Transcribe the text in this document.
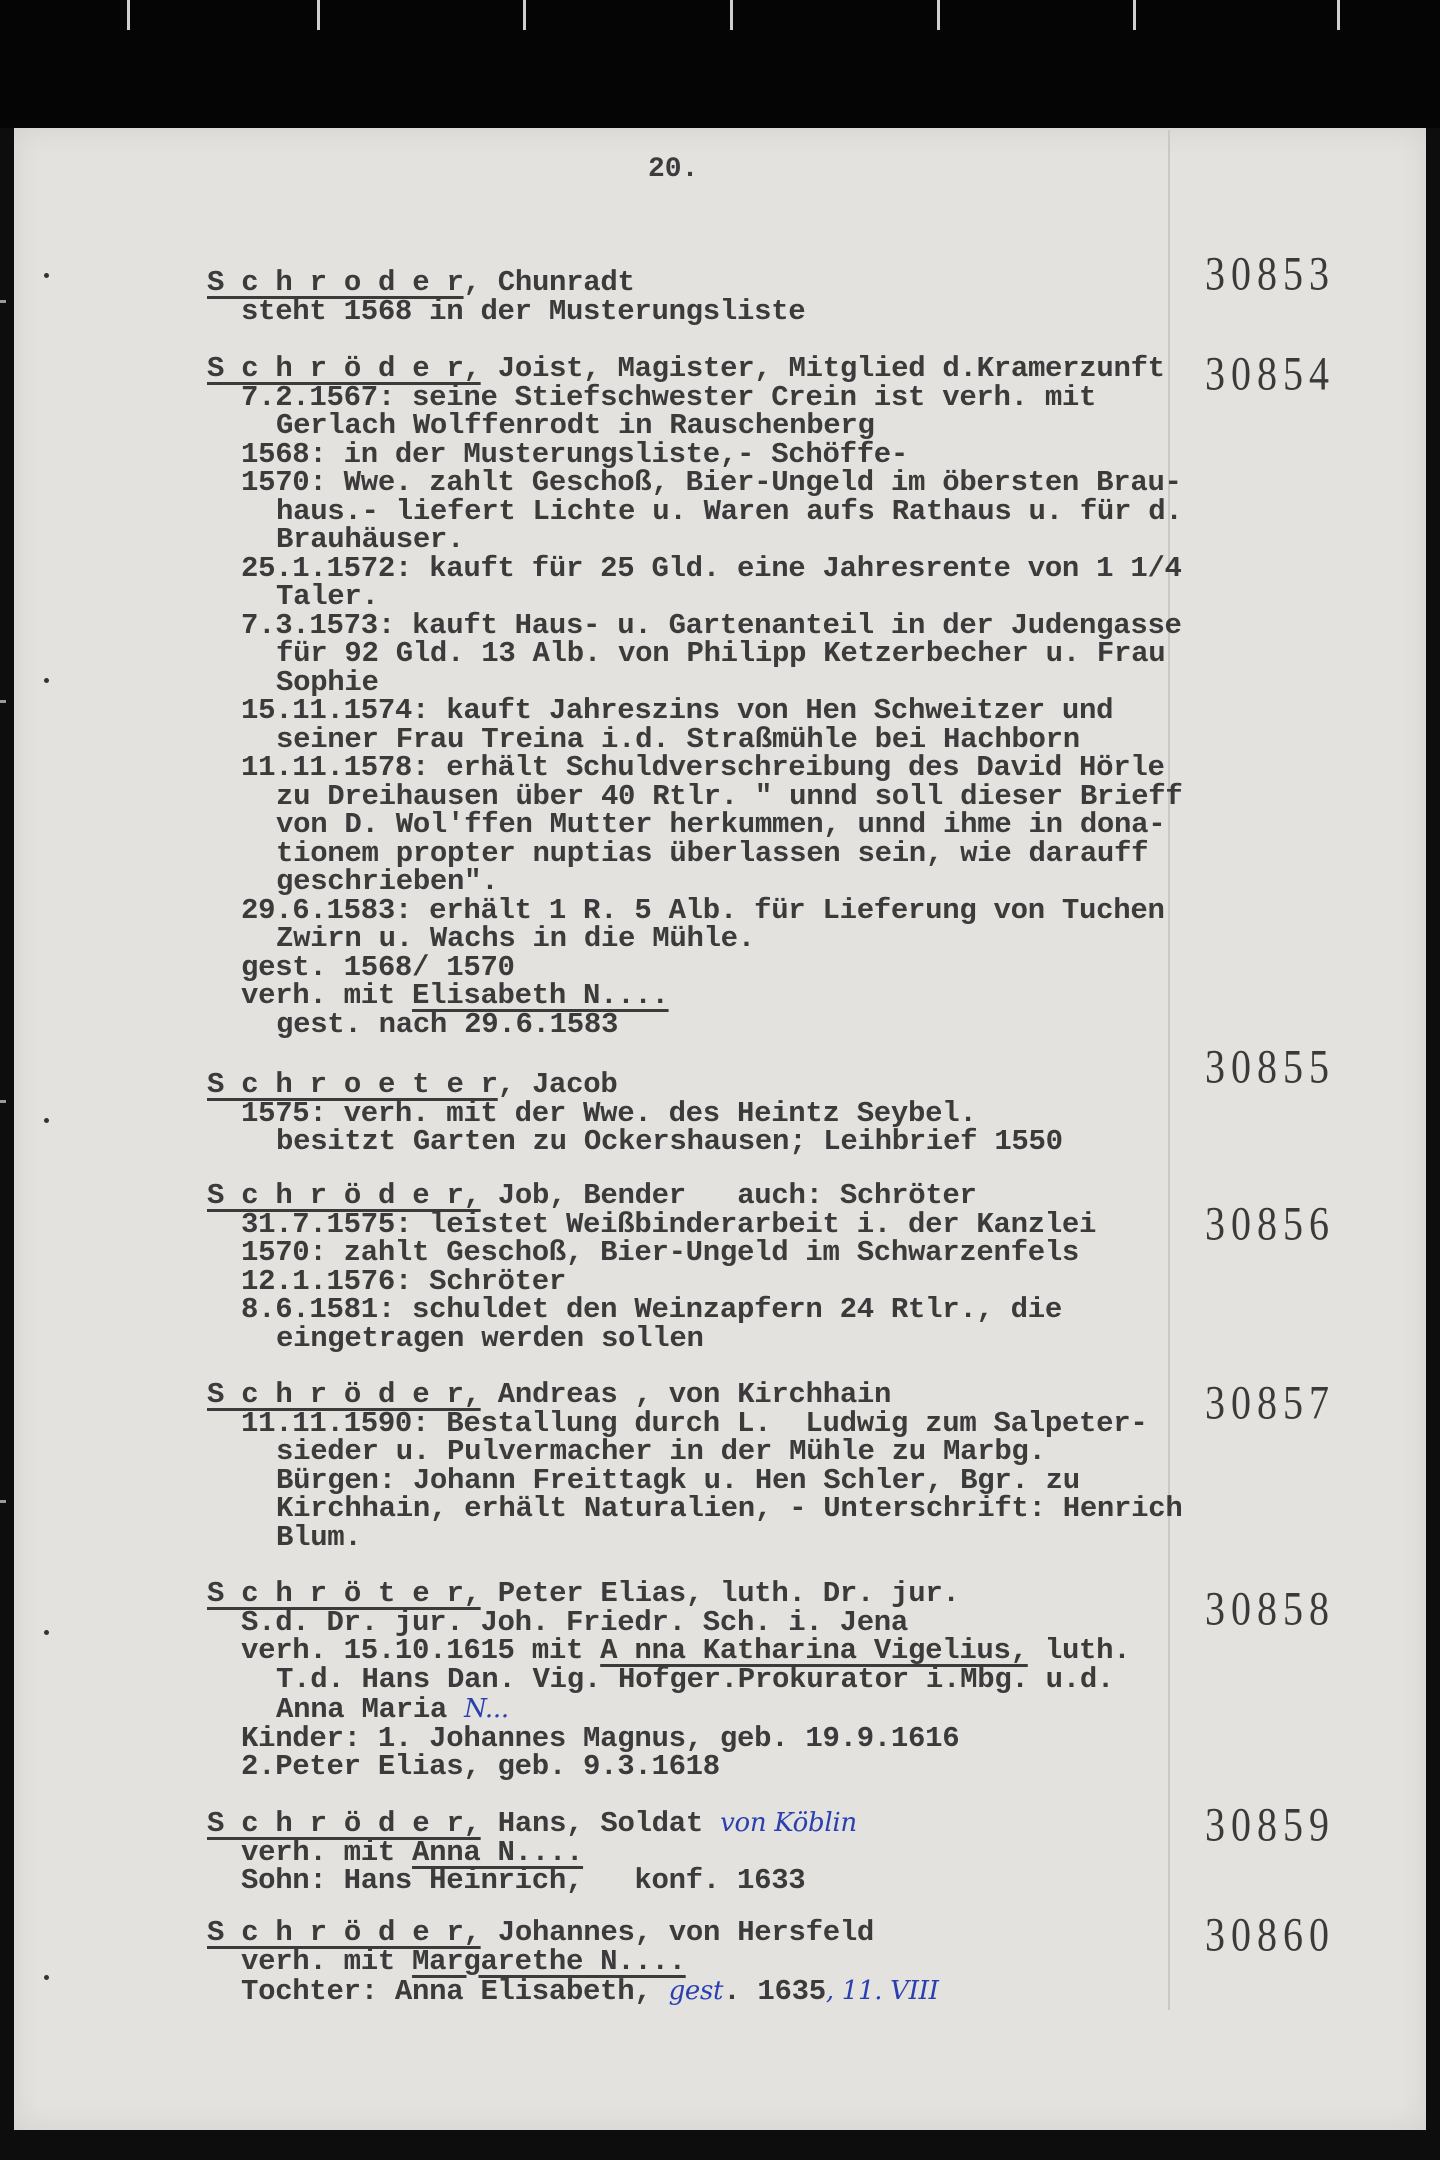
20.
S c h r o d e r, Chunradt
steht 1568 in der Musterungsliste
30853
S c h r ö d e r, Joist, Magister, Mitglied d.Kramerzunft
7.2.1567: seine Stiefschwester Crein ist verh. mit
Gerlach Wolffenrodt in Rauschenberg
1568: in der Musterungsliste,- Schöffe-
1570: Wwe. zahlt Geschoß, Bier-Ungeld im öbersten Brau-
haus.- liefert Lichte u. Waren aufs Rathaus u. für d.
Brauhäuser.
25.1.1572: kauft für 25 Gld. eine Jahresrente von 1 1/4
Taler.
7.3.1573: kauft Haus- u. Gartenanteil in der Judengasse
für 92 Gld. 13 Alb. von Philipp Ketzerbecher u. Frau
Sophie
15.11.1574: kauft Jahreszins von Hen Schweitzer und
seiner Frau Treina i.d. Straßmühle bei Hachborn
11.11.1578: erhält Schuldverschreibung des David Hörle
zu Dreihausen über 40 Rtlr. " unnd soll dieser Brieff
von D. Wol'ffen Mutter herkummen, unnd ihme in dona-
tionem propter nuptias überlassen sein, wie darauff
geschrieben".
29.6.1583: erhält 1 R. 5 Alb. für Lieferung von Tuchen
Zwirn u. Wachs in die Mühle.
gest. 1568/ 1570
verh. mit Elisabeth N....
gest. nach 29.6.1583
30854
S c h r o e t e r, Jacob
1575: verh. mit der Wwe. des Heintz Seybel.
besitzt Garten zu Ockershausen; Leihbrief 1550
30855
S c h r ö d e r, Job, Bender   auch: Schröter
31.7.1575: leistet Weißbinderarbeit i. der Kanzlei
1570: zahlt Geschoß, Bier-Ungeld im Schwarzenfels
12.1.1576: Schröter
8.6.1581: schuldet den Weinzapfern 24 Rtlr., die
eingetragen werden sollen
30856
S c h r ö d e r, Andreas , von Kirchhain
11.11.1590: Bestallung durch L.  Ludwig zum Salpeter-
sieder u. Pulvermacher in der Mühle zu Marbg.
Bürgen: Johann Freittagk u. Hen Schler, Bgr. zu
Kirchhain, erhält Naturalien, - Unterschrift: Henrich
Blum.
30857
S c h r ö t e r, Peter Elias, luth. Dr. jur.
S.d. Dr. jur. Joh. Friedr. Sch. i. Jena
verh. 15.10.1615 mit A nna Katharina Vigelius, luth.
T.d. Hans Dan. Vig. Hofger.Prokurator i.Mbg. u.d.
Anna Maria N...
Kinder: 1. Johannes Magnus, geb. 19.9.1616
2.Peter Elias, geb. 9.3.1618
30858
S c h r ö d e r, Hans, Soldat von Köblin
verh. mit Anna N....
Sohn: Hans Heinrich,   konf. 1633
30859
S c h r ö d e r, Johannes, von Hersfeld
verh. mit Margarethe N....
Tochter: Anna Elisabeth, gest. 1635, 11. VIII
30860
